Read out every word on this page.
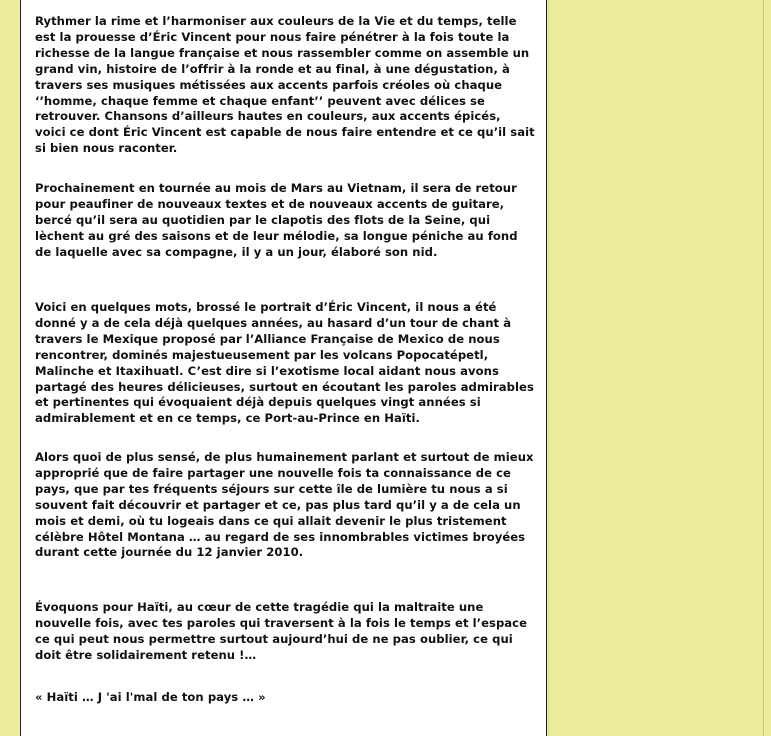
Rythmer la rime et l’harmoniser aux couleurs de la Vie et du temps, telle est la prouesse d’Éric Vincent pour nous faire pénétrer à la fois toute la richesse de la langue française et nous rassembler comme on assemble un grand vin, histoire de l’offrir à la ronde et au final, à une dégustation, à travers ses musiques métissées aux accents parfois créoles où chaque ‘’homme, chaque femme et chaque enfant’’ peuvent avec délices se retrouver. Chansons d’ailleurs hautes en couleurs, aux accents épicés, voici ce dont Éric Vincent est capable de nous faire entendre et ce qu’il sait si bien nous raconter.

Prochainement en tournée au mois de Mars au Vietnam, il sera de retour pour peaufiner de nouveaux textes et de nouveaux accents de guitare, bercé qu’il sera au quotidien par le clapotis des flots de la Seine, qui lèchent au gré des saisons et de leur mélodie, sa longue péniche au fond de laquelle avec sa compagne, il y a un jour, élaboré son nid.

Voici en quelques mots, brossé le portrait d’Éric Vincent, il nous a été donné y a de cela déjà quelques années, au hasard d’un tour de chant à travers le Mexique proposé par l’Alliance Française de Mexico de nous rencontrer, dominés majestueusement par les volcans Popocatépetl, Malinche et Itaxihuatl. C’est dire si l’exotisme local aidant nous avons partagé des heures délicieuses, surtout en écoutant les paroles admirables et pertinentes qui évoquaient déjà depuis quelques vingt années si admirablement et en ce temps, ce Port-au-Prince en Haïti.

Alors quoi de plus sensé, de plus humainement parlant et surtout de mieux approprié que de faire partager une nouvelle fois ta connaissance de ce pays, que par tes fréquents séjours sur cette île de lumière tu nous a si souvent fait découvrir et partager et ce, pas plus tard qu’il y a de cela un mois et demi, où tu logeais dans ce qui allait devenir le plus tristement célèbre Hôtel Montana … au regard de ses innombrables victimes broyées durant cette journée du 12 janvier 2010.

Évoquons pour Haïti, au cœur de cette tragédie qui la maltraite une nouvelle fois, avec tes paroles qui traversent à la fois le temps et l’espace ce qui peut nous permettre surtout aujourd’hui de ne pas oublier, ce qui doit être solidairement retenu !…

« Haïti … J 'ai l'mal de ton pays … »
